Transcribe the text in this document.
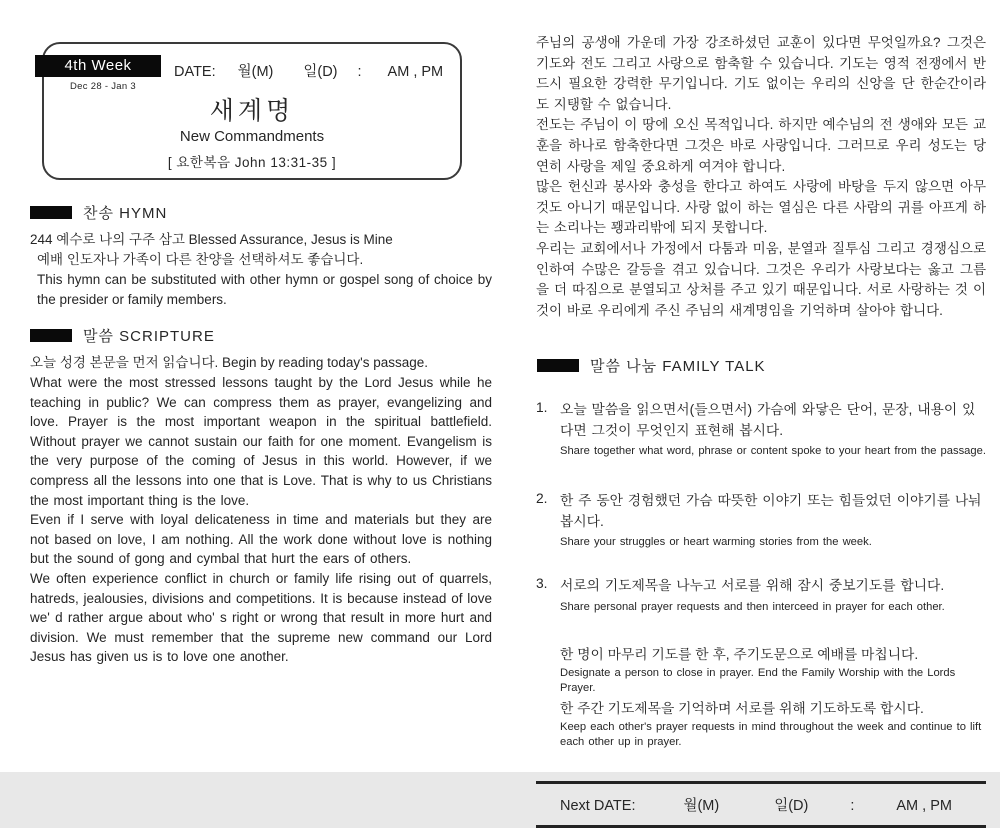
4th Week
Dec 28 - Jan 3
DATE: 월(M) 일(D) : AM , PM
새계명
New Commandments
[ 요한복음 John 13:31-35 ]
찬송 HYMN
244 예수로 나의 구주 삼고 Blessed Assurance, Jesus is Mine
예배 인도자나 가족이 다른 찬양을 선택하셔도 좋습니다.
This hymn can be substituted with other hymn or gospel song of choice by the presider or family members.
말씀 SCRIPTURE
오늘 성경 본문을 먼저 읽습니다. Begin by reading today's passage.

What were the most stressed lessons taught by the Lord Jesus while he teaching in public? We can compress them as prayer, evangelizing and love. Prayer is the most important weapon in the spiritual battlefield. Without prayer we cannot sustain our faith for one moment. Evangelism is the very purpose of the coming of Jesus in this world. However, if we compress all the lessons into one that is Love. That is why to us Christians the most important thing is the love.

Even if I serve with loyal delicateness in time and materials but they are not based on love, I am nothing. All the work done without love is nothing but the sound of gong and cymbal that hurt the ears of others.

We often experience conflict in church or family life rising out of quarrels, hatreds, jealousies, divisions and competitions. It is because instead of love we' d rather argue about who' s right or wrong that result in more hurt and division. We must remember that the supreme new command our Lord Jesus has given us is to love one another.

주님의 공생애 가운데 가장 강조하셨던 교훈이 있다면 무엇일까요? 그것은 기도와 전도 그리고 사랑으로 함축할 수 있습니다. 기도는 영적 전쟁에서 반드시 필요한 강력한 무기입니다. 기도 없이는 우리의 신앙을 단 한순간이라도 지탱할 수 없습니다.

전도는 주님이 이 땅에 오신 목적입니다. 하지만 예수님의 전 생애와 모든 교훈을 하나로 함축한다면 그것은 바로 사랑입니다. 그러므로 우리 성도는 당연히 사랑을 제일 중요하게 여겨야 합니다.

많은 헌신과 봉사와 충성을 한다고 하여도 사랑에 바탕을 두지 않으면 아무것도 아니기 때문입니다. 사랑 없이 하는 열심은 다른 사람의 귀를 아프게 하는 소리나는 꽹과리밖에 되지 못합니다.

우리는 교회에서나 가정에서 다툼과 미움, 분열과 질투심 그리고 경쟁심으로 인하여 수많은 갈등을 겪고 있습니다. 그것은 우리가 사랑보다는 옳고 그름을 더 따짐으로 분열되고 상처를 주고 있기 때문입니다. 서로 사랑하는 것 이것이 바로 우리에게 주신 주님의 새계명임을 기억하며 살아야 합니다.

말씀 나눔 FAMILY TALK
1. 오늘 말씀을 읽으면서(들으면서) 가슴에 와닿은 단어, 문장, 내용이 있다면 그것이 무엇인지 표현해 봅시다.
Share together what word, phrase or content spoke to your heart from the passage.
2. 한 주 동안 경험했던 가슴 따뜻한 이야기 또는 힘들었던 이야기를 나눠봅시다.
Share your struggles or heart warming stories from the week.
3. 서로의 기도제목을 나누고 서로를 위해 잠시 중보기도를 합니다.
Share personal prayer requests and then interceed in prayer for each other.
한 명이 마무리 기도를 한 후, 주기도문으로 예배를 마칩니다.
Designate a person to close in prayer. End the Family Worship with the Lords Prayer.
한 주간 기도제목을 기억하며 서로를 위해 기도하도록 합시다.
Keep each other's prayer requests in mind throughout the week and continue to lift each other up in prayer.
Next DATE:	월(M)	일(D)	:	AM , PM
